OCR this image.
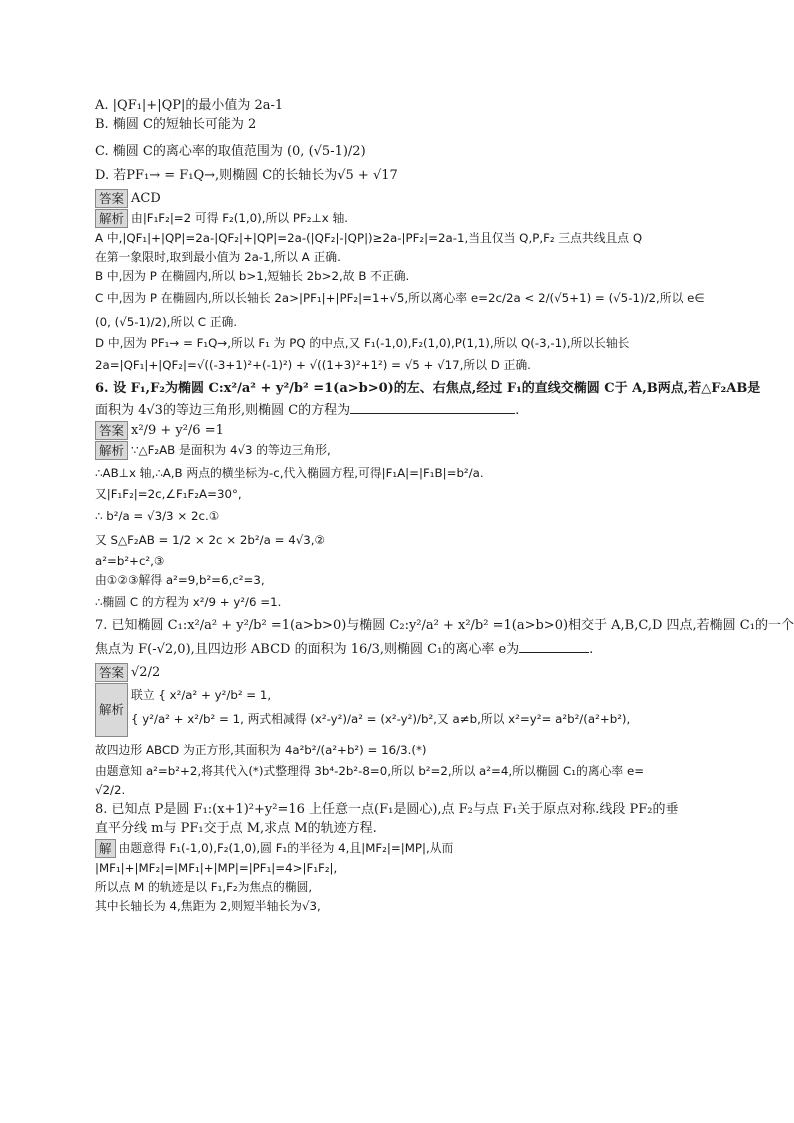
A. |QF₁|+|QP|的最小值为 2a-1
B. 椭圆 C的短轴长可能为 2
C. 椭圆 C的离心率的取值范围为 (0, (√5-1)/2)
D. 若PF₁→ = F₁Q→,则椭圆 C的长轴长为√5 + √17
答案 ACD
解析 由|F₁F₂|=2 可得 F₂(1,0),所以 PF₂⊥x 轴.
A 中,|QF₁|+|QP|=2a-|QF₂|+|QP|=2a-(|QF₂|-|QP|)≥2a-|PF₂|=2a-1,当且仅当 Q,P,F₂ 三点共线且点 Q
在第一象限时,取到最小值为 2a-1,所以 A 正确.
B 中,因为 P 在椭圆内,所以 b>1,短轴长 2b>2,故 B 不正确.
C 中,因为 P 在椭圆内,所以长轴长 2a>|PF₁|+|PF₂|=1+√5,所以离心率 e=2c/2a < 2/(√5+1) = (√5-1)/2,所以 e∈
(0, (√5-1)/2),所以 C 正确.
D 中,因为 PF₁→ = F₁Q→,所以 F₁ 为 PQ 的中点,又 F₁(-1,0),F₂(1,0),P(1,1),所以 Q(-3,-1),所以长轴长
2a=|QF₁|+|QF₂|=√((-3+1)²+(-1)²) + √((1+3)²+1²) = √5 + √17,所以 D 正确.
6. 设 F₁,F₂为椭圆 C:x²/a² + y²/b² =1(a>b>0)的左、右焦点,经过 F₁的直线交椭圆 C于 A,B两点,若△F₂AB是
面积为 4√3的等边三角形,则椭圆 C的方程为	.
答案 x²/9 + y²/6 =1
解析 ∵△F₂AB 是面积为 4√3 的等边三角形,
∴AB⊥x 轴,∴A,B 两点的横坐标为-c,代入椭圆方程,可得|F₁A|=|F₁B|=b²/a.
又|F₁F₂|=2c,∠F₁F₂A=30°,
∴ b²/a = √3/3 × 2c.①
又 S△F₂AB = 1/2 × 2c × 2b²/a = 4√3,②
a²=b²+c²,③
由①②③解得 a²=9,b²=6,c²=3,
∴椭圆 C 的方程为 x²/9 + y²/6 =1.
7. 已知椭圆 C₁:x²/a² + y²/b² =1(a>b>0)与椭圆 C₂:y²/a² + x²/b² =1(a>b>0)相交于 A,B,C,D 四点,若椭圆 C₁的一个
焦点为 F(-√2,0),且四边形 ABCD 的面积为 16/3,则椭圆 C₁的离心率 e为	.
答案 √2/2
解析
联立 { x²/a² + y²/b² = 1,
{ y²/a² + x²/b² = 1, 两式相减得 (x²-y²)/a² = (x²-y²)/b²,又 a≠b,所以 x²=y²= a²b²/(a²+b²),
故四边形 ABCD 为正方形,其面积为 4a²b²/(a²+b²) = 16/3.(*)
由题意知 a²=b²+2,将其代入(*)式整理得 3b⁴-2b²-8=0,所以 b²=2,所以 a²=4,所以椭圆 C₁的离心率 e=
√2/2.
8. 已知点 P是圆 F₁:(x+1)²+y²=16 上任意一点(F₁是圆心),点 F₂与点 F₁关于原点对称.线段 PF₂的垂
直平分线 m与 PF₁交于点 M,求点 M的轨迹方程.
解 由题意得 F₁(-1,0),F₂(1,0),圆 F₁的半径为 4,且|MF₂|=|MP|,从而
|MF₁|+|MF₂|=|MF₁|+|MP|=|PF₁|=4>|F₁F₂|,
所以点 M 的轨迹是以 F₁,F₂为焦点的椭圆,
其中长轴长为 4,焦距为 2,则短半轴长为√3,
